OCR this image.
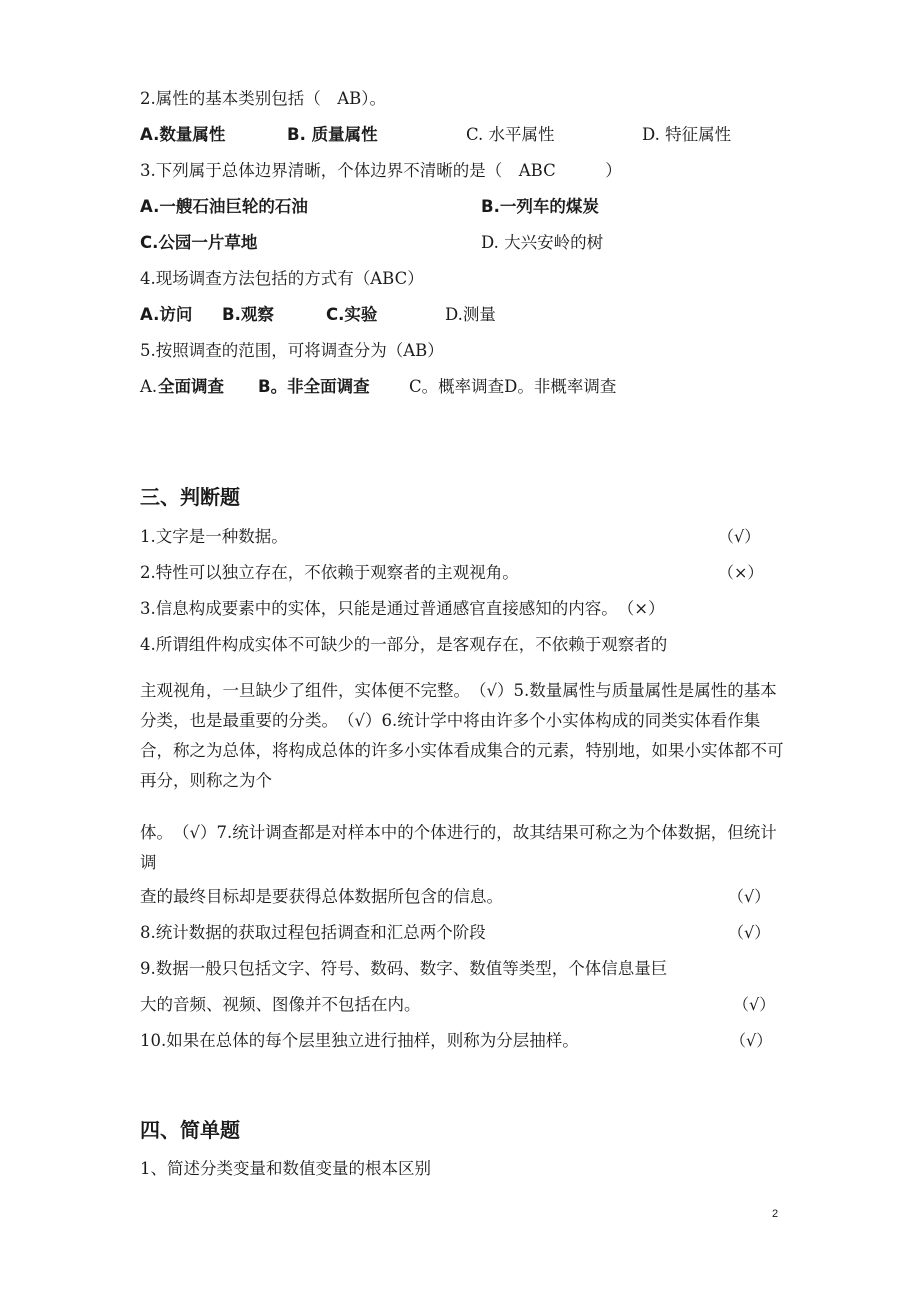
2.属性的基本类别包括（　AB）。
A.数量属性	B. 质量属性	C. 水平属性	D. 特征属性
3.下列属于总体边界清晰，个体边界不清晰的是（　ABC　　　）
A.一艘石油巨轮的石油	B.一列车的煤炭
C.公园一片草地	D. 大兴安岭的树
4.现场调查方法包括的方式有（ABC）
A.访问 B.观察	C.实验	D.测量
5.按照调查的范围，可将调查分为（AB）
A. 全面调查 B。非全面调查 C。概率调查D。非概率调查
三、判断题
1.文字是一种数据。	（√）
2.特性可以独立存在，不依赖于观察者的主观视角。	（×）
3.信息构成要素中的实体，只能是通过普通感官直接感知的内容。　（×）
4.所谓组件构成实体不可缺少的一部分，是客观存在，不依赖于观察者的
主观视角，一旦缺少了组件，实体便不完整。　（√）5.数量属性与质量属性是属性的基本分类，也是最重要的分类。　（√）6.统计学中将由许多个小实体构成的同类实体看作集合，称之为总体，将构成总体的许多小实体看成集合的元素，特别地，如果小实体都不可再分，则称之为个
体。　（√）7.统计调查都是对样本中的个体进行的，故其结果可称之为个体数据，但统计调
查的最终目标却是要获得总体数据所包含的信息。	（√）
8.统计数据的获取过程包括调查和汇总两个阶段	（√）
9.数据一般只包括文字、符号、数码、数字、数值等类型，个体信息量巨
大的音频、视频、图像并不包括在内。	（√）
10.如果在总体的每个层里独立进行抽样，则称为分层抽样。	（√）
四、简单题
1、简述分类变量和数值变量的根本区别
2
